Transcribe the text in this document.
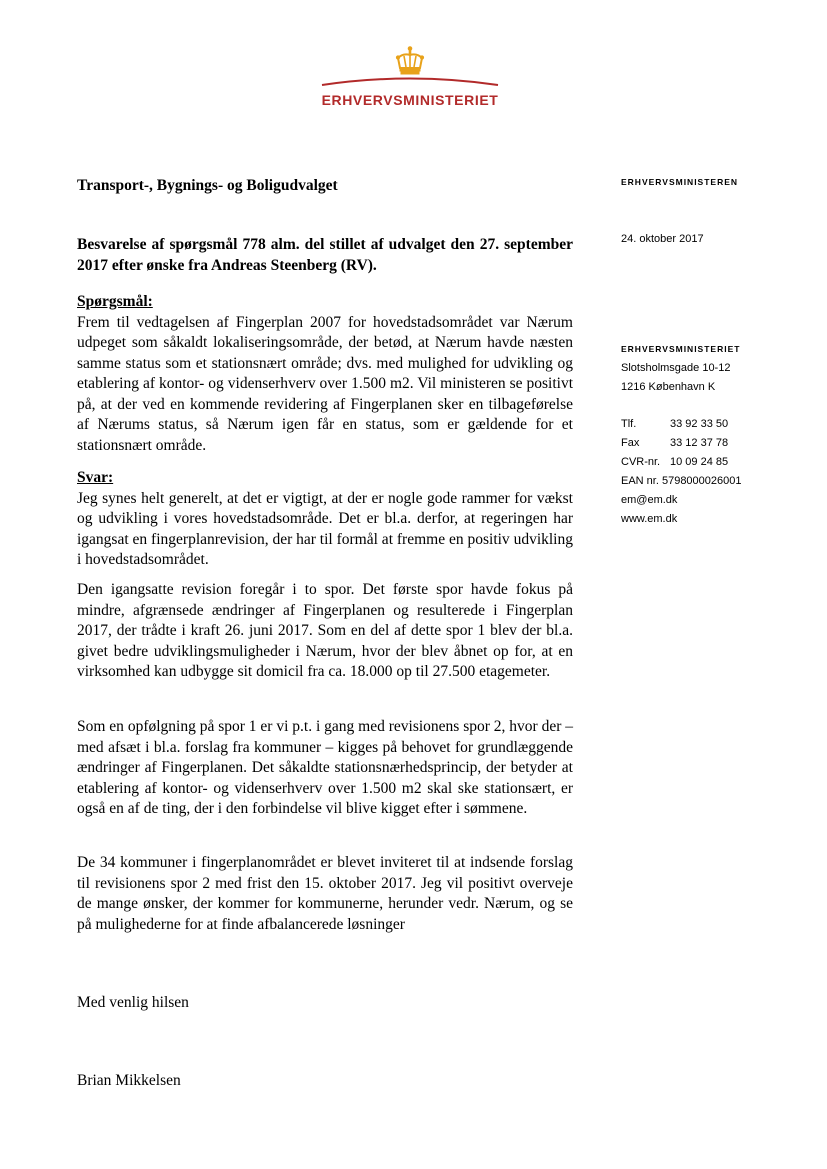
ERHVERVSMINISTERIET
Transport-, Bygnings- og Boligudvalget
Besvarelse af spørgsmål 778 alm. del stillet af udvalget den 27. september 2017 efter ønske fra Andreas Steenberg (RV).
Spørgsmål:
Frem til vedtagelsen af Fingerplan 2007 for hovedstadsområdet var Nærum udpeget som såkaldt lokaliseringsområde, der betød, at Nærum havde næsten samme status som et stationsnært område; dvs. med mulighed for udvikling og etablering af kontor- og videnserhverv over 1.500 m2. Vil ministeren se positivt på, at der ved en kommende revidering af Fingerplanen sker en tilbageførelse af Nærums status, så Nærum igen får en status, som er gældende for et stationsnært område.
Svar:

Jeg synes helt generelt, at det er vigtigt, at der er nogle gode rammer for vækst og udvikling i vores hovedstadsområde. Det er bl.a. derfor, at regeringen har igangsat en fingerplanrevision, der har til formål at fremme en positiv udvikling i hovedstadsområdet.

Den igangsatte revision foregår i to spor. Det første spor havde fokus på mindre, afgrænsede ændringer af Fingerplanen og resulterede i Fingerplan 2017, der trådte i kraft 26. juni 2017. Som en del af dette spor 1 blev der bl.a. givet bedre udviklingsmuligheder i Nærum, hvor der blev åbnet op for, at en virksomhed kan udbygge sit domicil fra ca. 18.000 op til 27.500 etagemeter.
Som en opfølgning på spor 1 er vi p.t. i gang med revisionens spor 2, hvor der – med afsæt i bl.a. forslag fra kommuner – kigges på behovet for grundlæggende ændringer af Fingerplanen. Det såkaldte stationsnærhedsprincip, der betyder at etablering af kontor- og videnserhverv over 1.500 m2 skal ske stationsært, er også en af de ting, der i den forbindelse vil blive kigget efter i sømmene.
De 34 kommuner i fingerplanområdet er blevet inviteret til at indsende forslag til revisionens spor 2 med frist den 15. oktober 2017. Jeg vil positivt overveje de mange ønsker, der kommer for kommunerne, herunder vedr. Nærum, og se på mulighederne for at finde afbalancerede løsninger
Med venlig hilsen
Brian Mikkelsen
ERHVERVSMINISTEREN
24. oktober 2017
ERHVERVSMINISTERIET
Slotsholmsgade 10-12
1216 København K
Tlf.	33 92 33 50
Fax	33 12 37 78
CVR-nr. 10 09 24 85
EAN nr. 5798000026001
em@em.dk
www.em.dk
